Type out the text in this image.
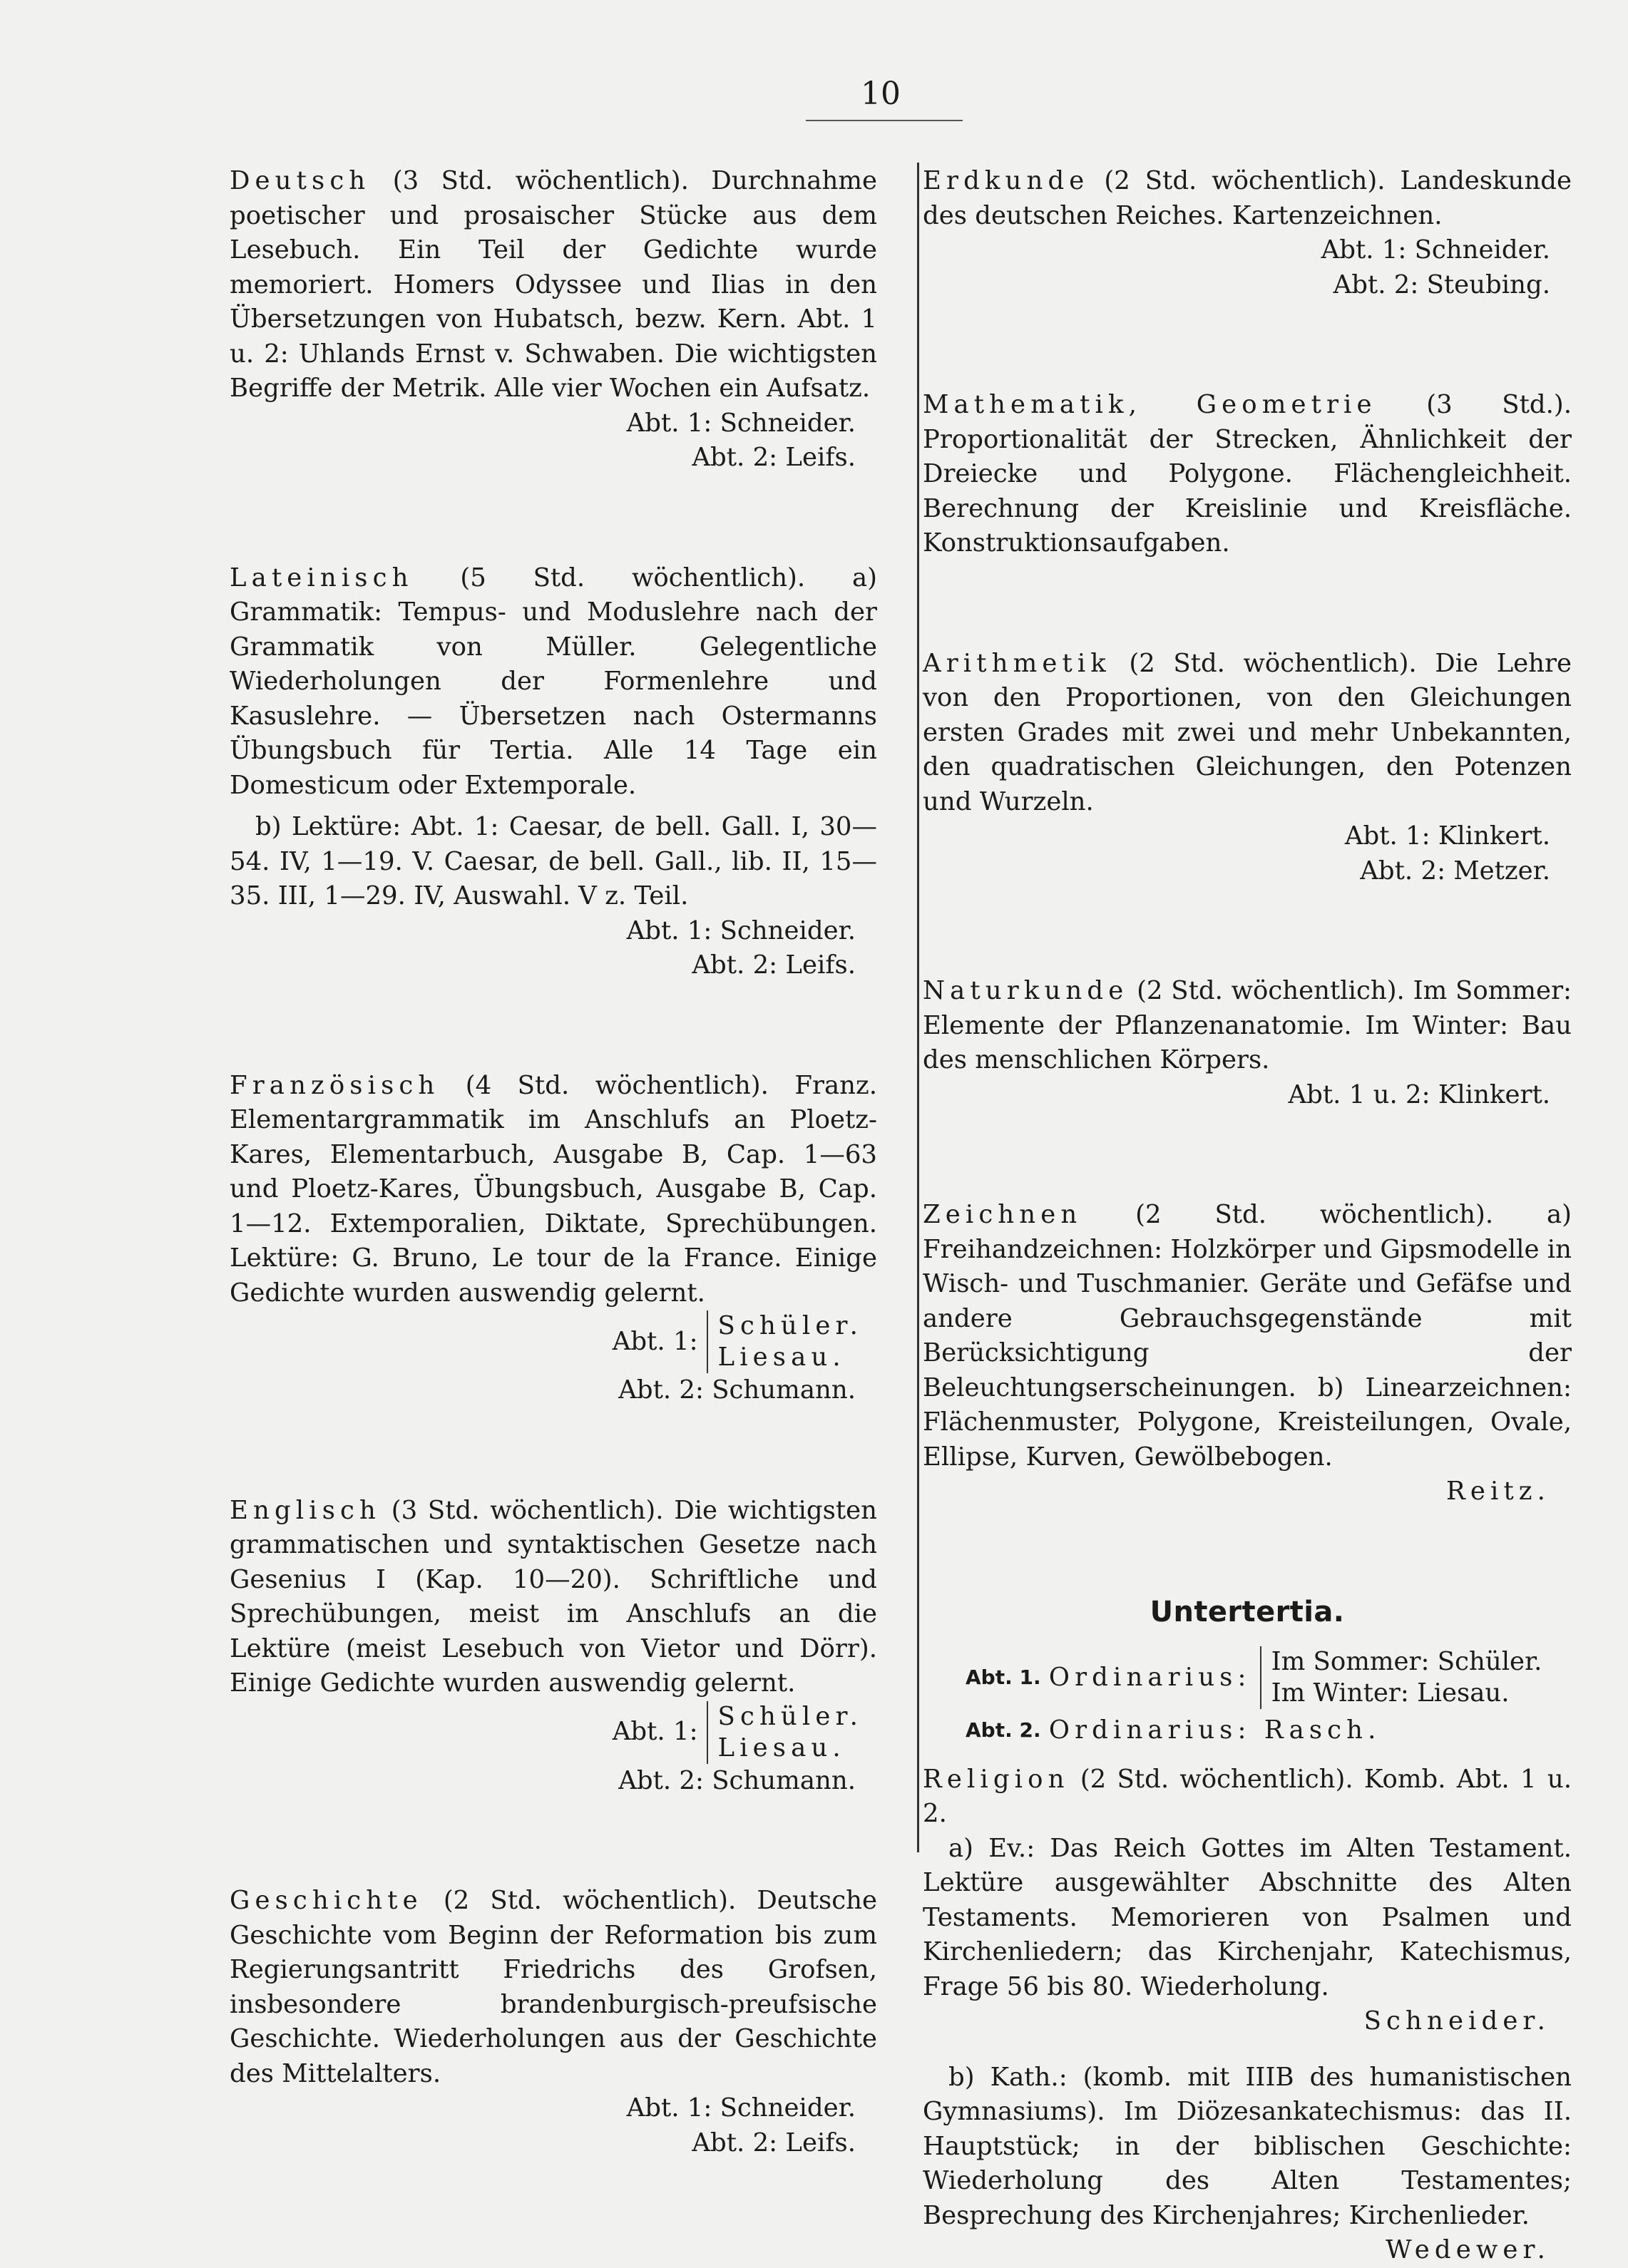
10

Deutsch (3 Std. wöchentlich). Durchnahme poetischer und prosaischer Stücke aus dem Lesebuch. Ein Teil der Gedichte wurde memoriert. Homers Odyssee und Ilias in den Übersetzungen von Hubatsch, bezw. Kern. Abt. 1 u. 2: Uhlands Ernst v. Schwaben. Die wichtigsten Begriffe der Metrik. Alle vier Wochen ein Aufsatz.

Abt. 1: Schneider.
Abt. 2: Leifs.

Lateinisch (5 Std. wöchentlich). a) Grammatik: Tempus- und Moduslehre nach der Grammatik von Müller. Gelegentliche Wiederholungen der Formenlehre und Kasuslehre. — Übersetzen nach Ostermanns Übungsbuch für Tertia. Alle 14 Tage ein Domesticum oder Extemporale.

b) Lektüre: Abt. 1: Caesar, de bell. Gall. I, 30—54. IV, 1—19. V. Caesar, de bell. Gall., lib. II, 15—35. III, 1—29. IV, Auswahl. V z. Teil.

Abt. 1: Schneider.
Abt. 2: Leifs.

Französisch (4 Std. wöchentlich). Franz. Elementargrammatik im Anschlufs an Ploetz-Kares, Elementarbuch, Ausgabe B, Cap. 1—63 und Ploetz-Kares, Übungsbuch, Ausgabe B, Cap. 1—12. Extemporalien, Diktate, Sprechübungen. Lektüre: G. Bruno, Le tour de la France. Einige Gedichte wurden auswendig gelernt.

Abt. 1:
Schüler.
Liesau.
Abt. 2: Schumann.

Englisch (3 Std. wöchentlich). Die wichtigsten grammatischen und syntaktischen Gesetze nach Gesenius I (Kap. 10—20). Schriftliche und Sprechübungen, meist im Anschlufs an die Lektüre (meist Lesebuch von Vietor und Dörr). Einige Gedichte wurden auswendig gelernt.

Abt. 1:
Schüler.
Liesau.
Abt. 2: Schumann.

Geschichte (2 Std. wöchentlich). Deutsche Geschichte vom Beginn der Reformation bis zum Regierungsantritt Friedrichs des Grofsen, insbesondere brandenburgisch-preufsische Geschichte. Wiederholungen aus der Geschichte des Mittelalters.

Abt. 1: Schneider.
Abt. 2: Leifs.

Erdkunde (2 Std. wöchentlich). Landeskunde des deutschen Reiches. Kartenzeichnen.

Abt. 1: Schneider.
Abt. 2: Steubing.

Mathematik, Geometrie (3 Std.). Proportionalität der Strecken, Ähnlichkeit der Dreiecke und Polygone. Flächengleichheit. Berechnung der Kreislinie und Kreisfläche. Konstruktionsaufgaben.

Arithmetik (2 Std. wöchentlich). Die Lehre von den Proportionen, von den Gleichungen ersten Grades mit zwei und mehr Unbekannten, den quadratischen Gleichungen, den Potenzen und Wurzeln.

Abt. 1: Klinkert.
Abt. 2: Metzer.

Naturkunde (2 Std. wöchentlich). Im Sommer: Elemente der Pflanzenanatomie. Im Winter: Bau des menschlichen Körpers.

Abt. 1 u. 2: Klinkert.

Zeichnen (2 Std. wöchentlich). a) Freihandzeichnen: Holzkörper und Gipsmodelle in Wisch- und Tuschmanier. Geräte und Gefäfse und andere Gebrauchsgegenstände mit Berücksichtigung der Beleuchtungserscheinungen. b) Linearzeichnen: Flächenmuster, Polygone, Kreisteilungen, Ovale, Ellipse, Kurven, Gewölbebogen.

Reitz.
Untertertia.
Abt. 1.
Ordinarius:
Im Sommer: Schüler.
Im Winter: Liesau.
Abt. 2.
Ordinarius: Rasch.

Religion (2 Std. wöchentlich). Komb. Abt. 1 u. 2.

a) Ev.: Das Reich Gottes im Alten Testament. Lektüre ausgewählter Abschnitte des Alten Testaments. Memorieren von Psalmen und Kirchenliedern; das Kirchenjahr, Katechismus, Frage 56 bis 80. Wiederholung.

Schneider.

b) Kath.: (komb. mit IIIB des humanistischen Gymnasiums). Im Diözesankatechismus: das II. Hauptstück; in der biblischen Geschichte: Wiederholung des Alten Testamentes; Besprechung des Kirchenjahres; Kirchenlieder.

Wedewer.
